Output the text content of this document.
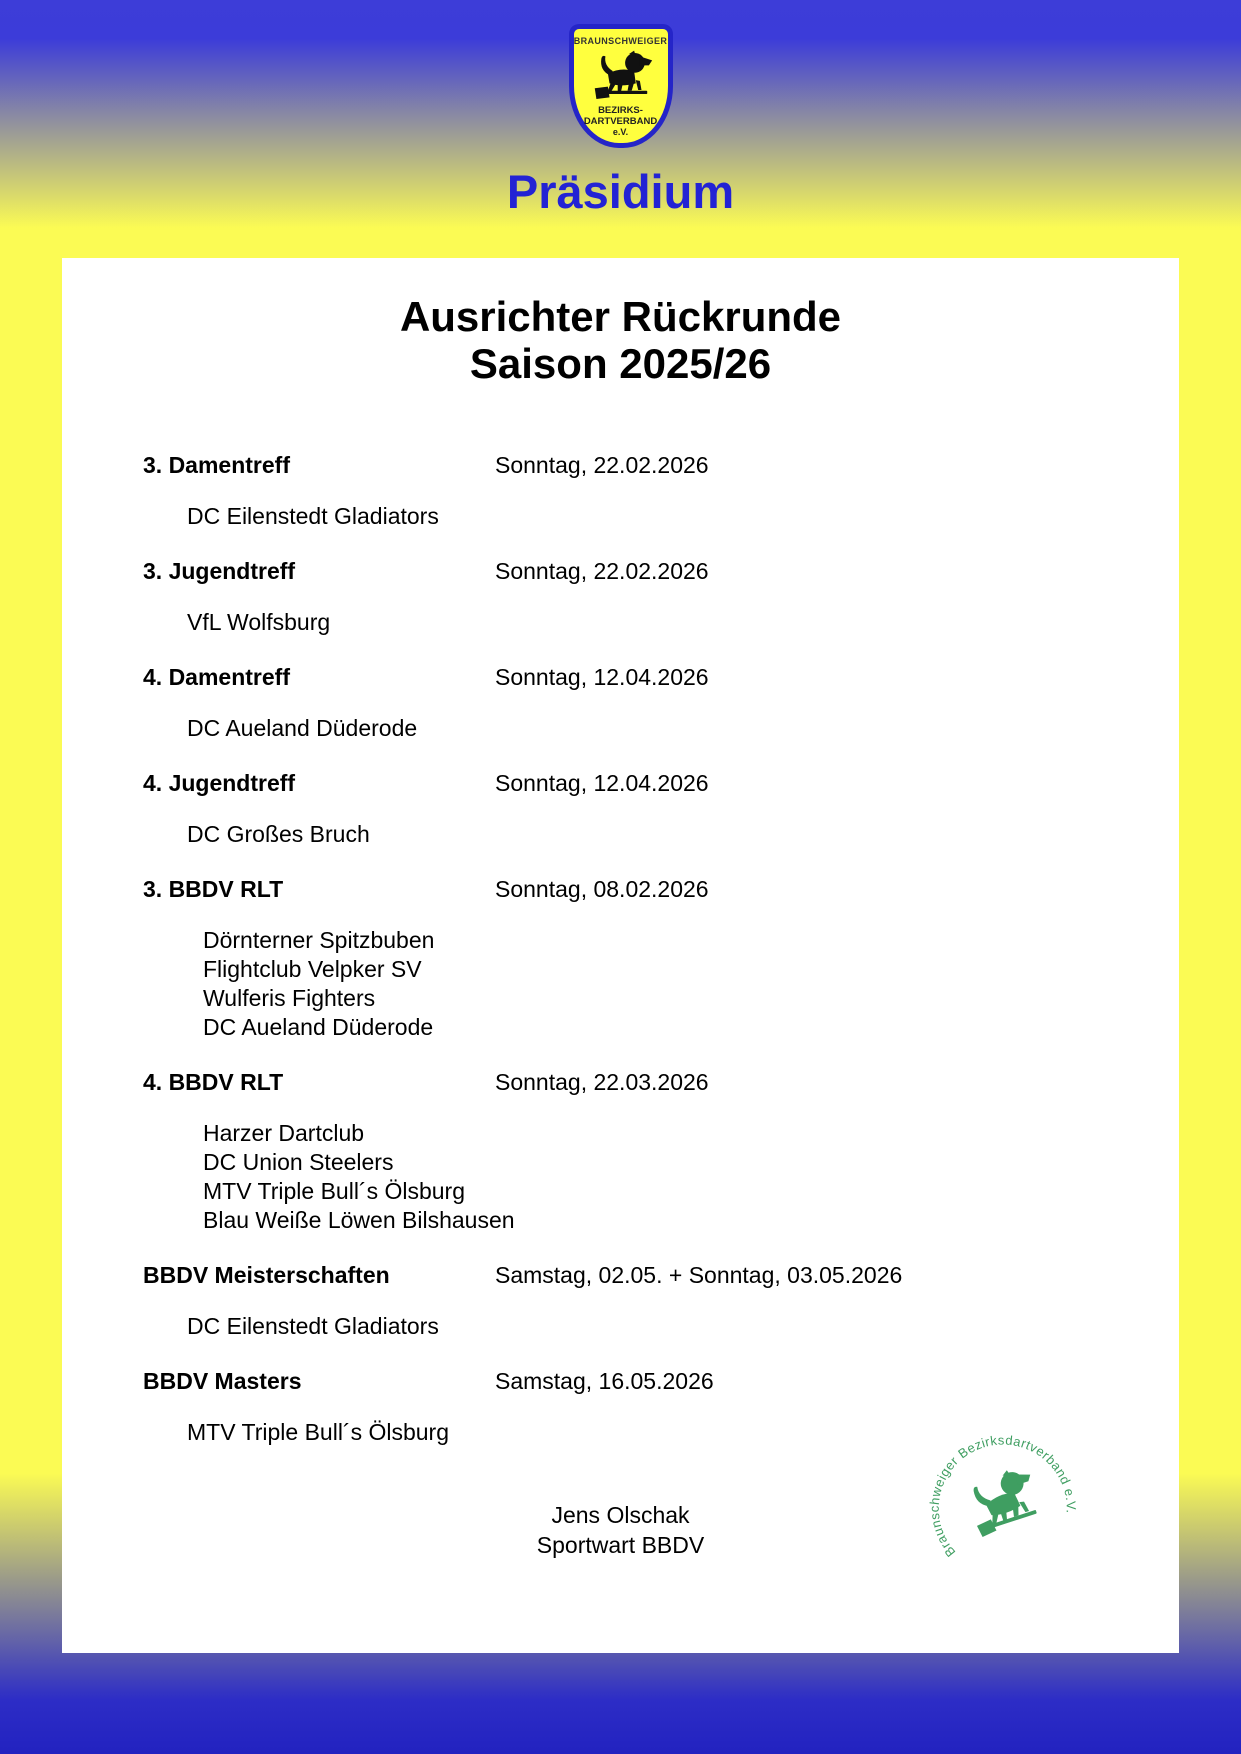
BRAUNSCHWEIGER
BEZIRKS-
DARTVERBAND
e.V.
Präsidium
Ausrichter Rückrunde
Saison 2025/26
3. Damentreff	Sonntag, 22.02.2026
DC Eilenstedt Gladiators
3. Jugendtreff	Sonntag, 22.02.2026
VfL Wolfsburg
4. Damentreff	Sonntag, 12.04.2026
DC Aueland Düderode
4. Jugendtreff	Sonntag, 12.04.2026
DC Großes Bruch
3. BBDV RLT	Sonntag, 08.02.2026
Dörnterner Spitzbuben
Flightclub Velpker SV
Wulferis Fighters
DC Aueland Düderode
4. BBDV RLT	Sonntag, 22.03.2026
Harzer Dartclub
DC Union Steelers
MTV Triple Bull´s Ölsburg
Blau Weiße Löwen Bilshausen
BBDV Meisterschaften	Samstag, 02.05. + Sonntag, 03.05.2026
DC Eilenstedt Gladiators
BBDV Masters	Samstag, 16.05.2026
MTV Triple Bull´s Ölsburg
Jens Olschak
Sportwart BBDV	Braunschweiger Bezirksdartverband e.V.
